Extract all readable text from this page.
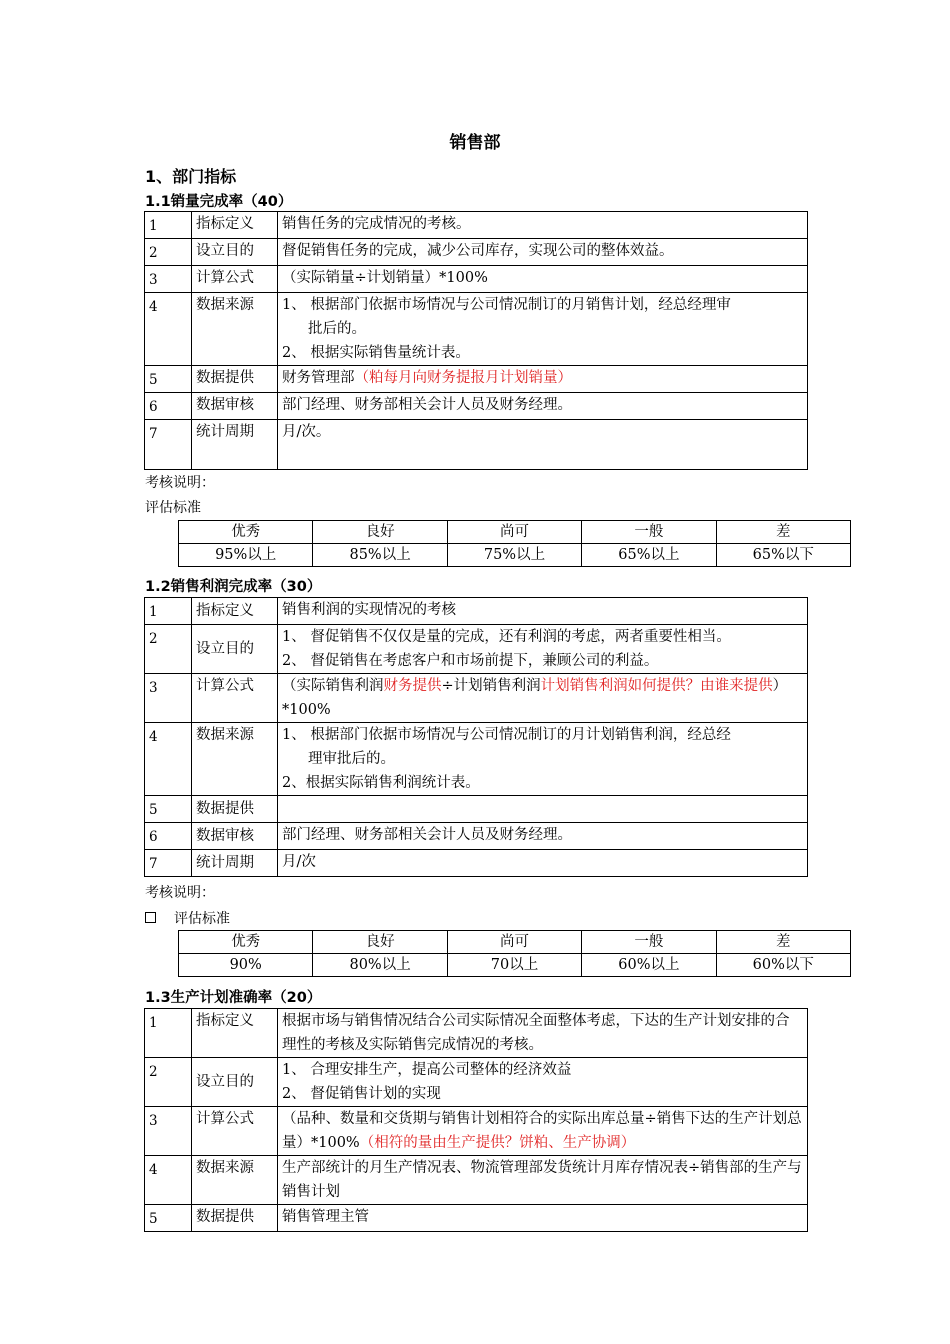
销售部
1、部门指标
1.1销量完成率（40）
1	指标定义	销售任务的完成情况的考核。
2	设立目的	督促销售任务的完成，减少公司库存，实现公司的整体效益。
3	计算公式	（实际销量÷计划销量）*100%
4	数据来源	1、 根据部门依据市场情况与公司情况制订的月销售计划，经总经理审
批后的。
2、 根据实际销售量统计表。

5	数据提供	财务管理部（粕每月向财务提报月计划销量）
6	数据审核	部门经理、财务部相关会计人员及财务经理。
7	统计周期	月/次。
考核说明：
评估标准
优秀	良好	尚可	一般	差
95%以上	85%以上	75%以上	65%以上	65%以下
1.2销售利润完成率（30）
1	指标定义	销售利润的实现情况的考核
2	设立目的	1、 督促销售不仅仅是量的完成，还有利润的考虑，两者重要性相当。
2、 督促销售在考虑客户和市场前提下，兼顾公司的利益。

3	计算公式	（实际销售利润财务提供÷计划销售利润计划销售利润如何提供？由谁来提供）*100%
4	数据来源	1、 根据部门依据市场情况与公司情况制订的月计划销售利润，经总经
理审批后的。
2、根据实际销售利润统计表。

5	数据提供	
6	数据审核	部门经理、财务部相关会计人员及财务经理。
7	统计周期	月/次
考核说明：
评估标准
优秀	良好	尚可	一般	差
90%	80%以上	70以上	60%以上	60%以下
1.3生产计划准确率（20）
1	指标定义	根据市场与销售情况结合公司实际情况全面整体考虑，下达的生产计划安排的合理性的考核及实际销售完成情况的考核。
2	设立目的	1、 合理安排生产，提高公司整体的经济效益
2、 督促销售计划的实现

3	计算公式	（品种、数量和交货期与销售计划相符合的实际出库总量÷销售下达的生产计划总量）*100%（相符的量由生产提供？饼粕、生产协调）
4	数据来源	生产部统计的月生产情况表、物流管理部发货统计月库存情况表÷销售部的生产与销售计划
5	数据提供	销售管理主管
